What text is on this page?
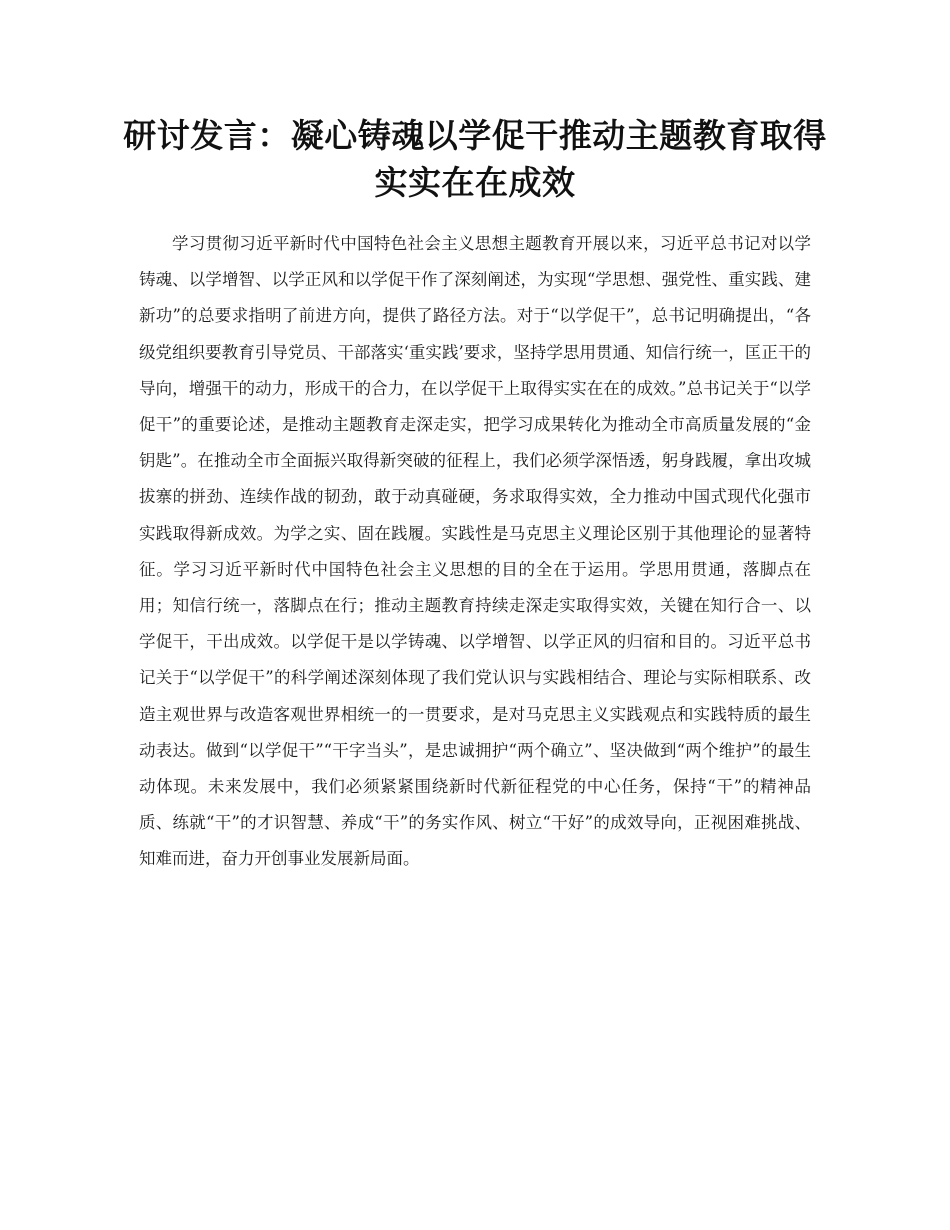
研讨发言：凝心铸魂以学促干推动主题教育取得实实在在成效

学习贯彻习近平新时代中国特色社会主义思想主题教育开展以来，习近平总书记对以学铸魂、以学增智、以学正风和以学促干作了深刻阐述，为实现“学思想、强党性、重实践、建新功”的总要求指明了前进方向，提供了路径方法。对于“以学促干”，总书记明确提出，“各级党组织要教育引导党员、干部落实‘重实践’要求，坚持学思用贯通、知信行统一，匡正干的导向，增强干的动力，形成干的合力，在以学促干上取得实实在在的成效。”总书记关于“以学促干”的重要论述，是推动主题教育走深走实，把学习成果转化为推动全市高质量发展的“金钥匙”。在推动全市全面振兴取得新突破的征程上，我们必须学深悟透，躬身践履，拿出攻城拔寨的拼劲、连续作战的韧劲，敢于动真碰硬，务求取得实效，全力推动中国式现代化强市实践取得新成效。为学之实、固在践履。实践性是马克思主义理论区别于其他理论的显著特征。学习习近平新时代中国特色社会主义思想的目的全在于运用。学思用贯通，落脚点在用；知信行统一，落脚点在行；推动主题教育持续走深走实取得实效，关键在知行合一、以学促干，干出成效。以学促干是以学铸魂、以学增智、以学正风的归宿和目的。习近平总书记关于“以学促干”的科学阐述深刻体现了我们党认识与实践相结合、理论与实际相联系、改造主观世界与改造客观世界相统一的一贯要求，是对马克思主义实践观点和实践特质的最生动表达。做到“以学促干”“干字当头”，是忠诚拥护“两个确立”、坚决做到“两个维护”的最生动体现。未来发展中，我们必须紧紧围绕新时代新征程党的中心任务，保持“干”的精神品质、练就“干”的才识智慧、养成“干”的务实作风、树立“干好”的成效导向，正视困难挑战、知难而进，奋力开创事业发展新局面。
